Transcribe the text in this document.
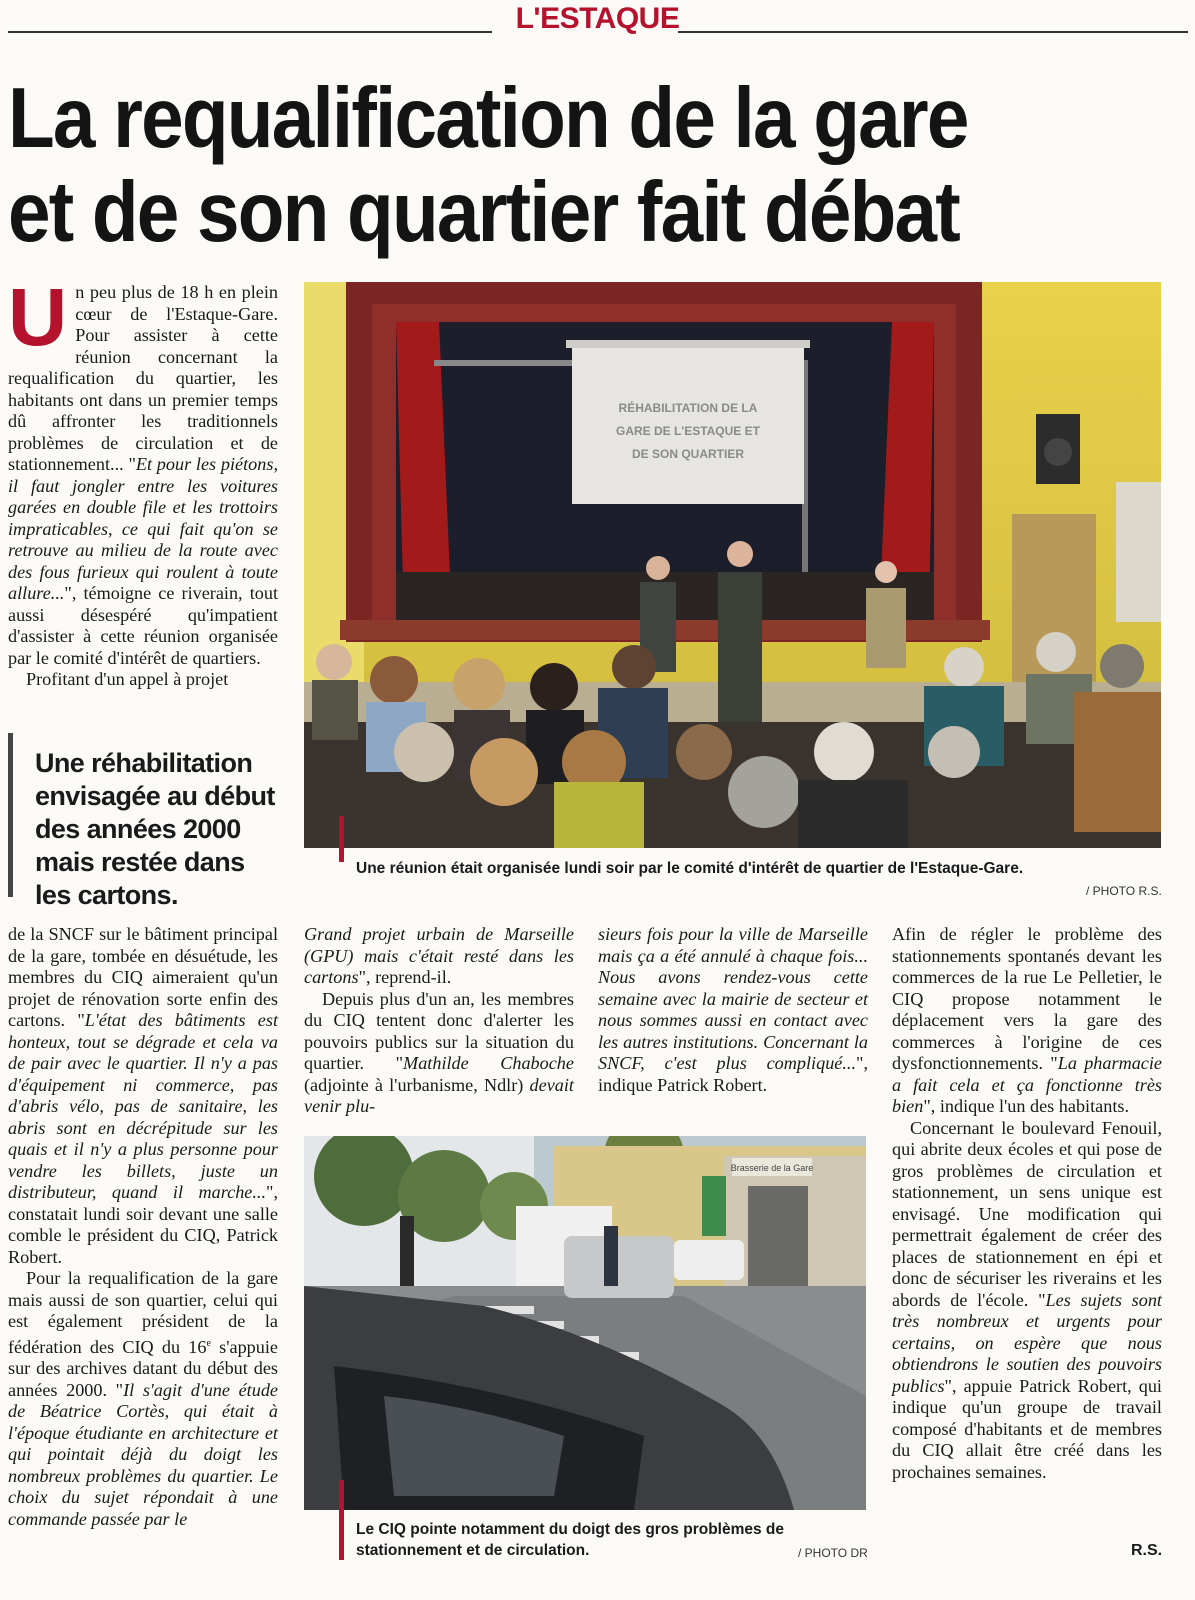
L'ESTAQUE
La requalification de la gare
et de son quartier fait débat

Un peu plus de 18 h en plein cœur de l'Estaque-Gare. Pour assister à cette réunion concernant la requalification du quartier, les habitants ont dans un premier temps dû affronter les traditionnels problèmes de circulation et de stationnement... "Et pour les piétons, il faut jongler entre les voitures garées en double file et les trottoirs impraticables, ce qui fait qu'on se retrouve au milieu de la route avec des fous furieux qui roulent à toute allure...", témoigne ce riverain, tout aussi désespéré qu'impatient d'assister à cette réunion organisée par le comité d'intérêt de quartiers.

Profitant d'un appel à projet

Une réhabilitation envisagée au début des années 2000 mais restée dans les cartons.
RÉHABILITATION DE LA
GARE DE L'ESTAQUE ET
DE SON QUARTIER
Une réunion était organisée lundi soir par le comité d'intérêt de quartier de l'Estaque-Gare.
/ PHOTO R.S.

de la SNCF sur le bâtiment principal de la gare, tombée en désuétude, les membres du CIQ aimeraient qu'un projet de rénovation sorte enfin des cartons. "L'état des bâtiments est honteux, tout se dégrade et cela va de pair avec le quartier. Il n'y a pas d'équipement ni commerce, pas d'abris vélo, pas de sanitaire, les abris sont en décrépitude sur les quais et il n'y a plus personne pour vendre les billets, juste un distributeur, quand il marche...", constatait lundi soir devant une salle comble le président du CIQ, Patrick Robert.

Pour la requalification de la gare mais aussi de son quartier, celui qui est également président de la fédération des CIQ du 16e s'appuie sur des archives datant du début des années 2000. "Il s'agit d'une étude de Béatrice Cortès, qui était à l'époque étudiante en architecture et qui pointait déjà du doigt les nombreux problèmes du quartier. Le choix du sujet répondait à une commande passée par le

Grand projet urbain de Marseille (GPU) mais c'était resté dans les cartons", reprend-il.

Depuis plus d'un an, les membres du CIQ tentent donc d'alerter les pouvoirs publics sur la situation du quartier. "Mathilde Chaboche (adjointe à l'urbanisme, Ndlr) devait venir plu-

sieurs fois pour la ville de Marseille mais ça a été annulé à chaque fois... Nous avons rendez-vous cette semaine avec la mairie de secteur et nous sommes aussi en contact avec les autres institutions. Concernant la SNCF, c'est plus compliqué...", indique Patrick Robert.

Afin de régler le problème des stationnements spontanés devant les commerces de la rue Le Pelletier, le CIQ propose notamment le déplacement vers la gare des commerces à l'origine de ces dysfonctionnements. "La pharmacie a fait cela et ça fonctionne très bien", indique l'un des habitants.

Concernant le boulevard Fenouil, qui abrite deux écoles et qui pose de gros problèmes de circulation et stationnement, un sens unique est envisagé. Une modification qui permettrait également de créer des places de stationnement en épi et donc de sécuriser les riverains et les abords de l'école. "Les sujets sont très nombreux et urgents pour certains, on espère que nous obtiendrons le soutien des pouvoirs publics", appuie Patrick Robert, qui indique qu'un groupe de travail composé d'habitants et de membres du CIQ allait être créé dans les prochaines semaines.

Brasserie de la Gare
Le CIQ pointe notamment du doigt des gros problèmes de stationnement et de circulation.	/ PHOTO DR	R.S.
